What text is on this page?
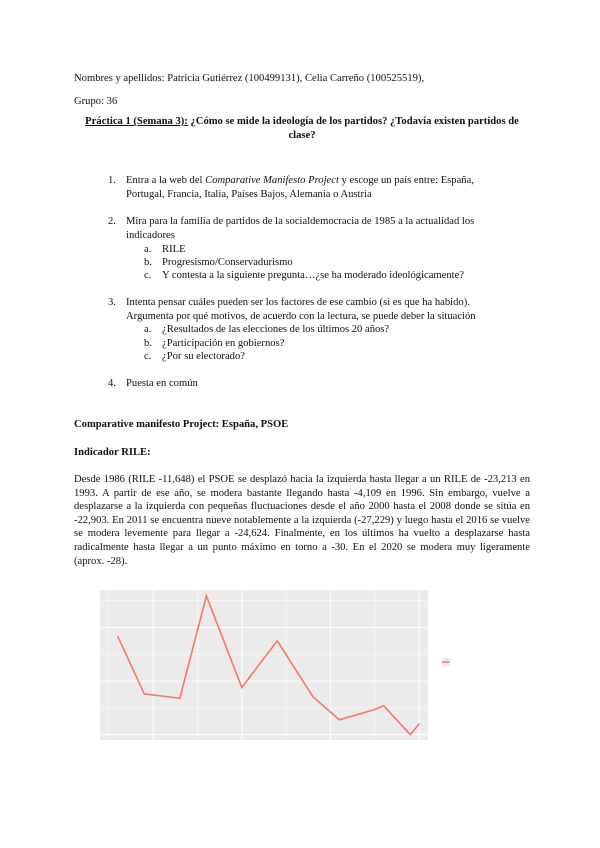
Nombres y apellidos: Patricia Gutiérrez (100499131), Celia Carreño (100525519),
Grupo: 36
Práctica 1 (Semana 3): ¿Cómo se mide la ideología de los partidos? ¿Todavía existen partidos de
clase?
1. Entra a la web del Comparative Manifesto Project y escoge un país entre: España,
Portugal, Francia, Italia, Países Bajos, Alemania o Austria
2. Mira para la familia de partidos de la socialdemocracia de 1985 a la actualidad los
indicadores
a. RILE
b. Progresismo/Conservadurismo
c. Y contesta a la siguiente pregunta…¿se ha moderado ideológicamente?
3. Intenta pensar cuáles pueden ser los factores de ese cambio (si es que ha habido).
Argumenta por qué motivos, de acuerdo con la lectura, se puede deber la situación
a. ¿Resultados de las elecciones de los últimos 20 años?
b. ¿Participación en gobiernos?
c. ¿Por su electorado?
4. Puesta en común
Comparative manifesto Project: España, PSOE
Indicador RILE:
Desde 1986 (RILE -11,648) el PSOE se desplazó hacia la izquierda hasta llegar a un RILE de -23,213 en 1993. A partir de ese año, se modera bastante llegando hasta -4,109 en 1996. Sin embargo, vuelve a desplazarse a la izquierda con pequeñas fluctuaciones desde el año 2000 hasta el 2008 donde se sitúa en -22,903. En 2011 se encuentra nueve notablemente a la izquierda (-27,229) y luego hasta el 2016 se vuelve se modera levemente para llegar a -24,624. Finalmente, en los últimos ha vuelto a desplazarse hasta radicalmente hasta llegar a un punto máximo en torno a -30. En el 2020 se modera muy ligeramente (aprox. -28).
